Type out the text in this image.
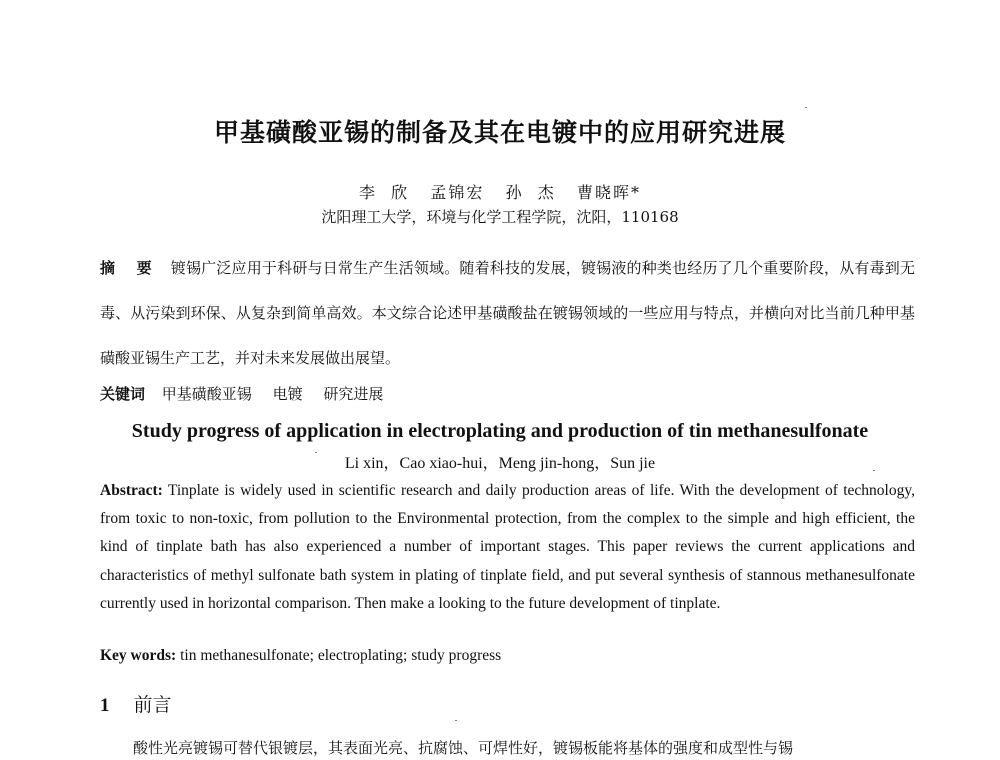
甲基磺酸亚锡的制备及其在电镀中的应用研究进展
李  欣   孟锦宏   孙  杰   曹晓晖*
沈阳理工大学，环境与化学工程学院，沈阳，110168

摘 要 镀锡广泛应用于科研与日常生产生活领域。随着科技的发展，镀锡液的种类也经历了几个重要阶段，从有毒到无毒、从污染到环保、从复杂到简单高效。本文综合论述甲基磺酸盐在镀锡领域的一些应用与特点，并横向对比当前几种甲基磺酸亚锡生产工艺，并对未来发展做出展望。

关键词 甲基磺酸亚锡 电镀 研究进展
Study progress of application in electroplating and production of tin methanesulfonate
Li xin，Cao xiao-hui，Meng jin-hong，Sun jie

Abstract: Tinplate is widely used in scientific research and daily production areas of life. With the development of technology, from toxic to non-toxic, from pollution to the Environmental protection, from the complex to the simple and high efficient, the kind of tinplate bath has also experienced a number of important stages. This paper reviews the current applications and characteristics of methyl sulfonate bath system in plating of tinplate field, and put several synthesis of stannous methanesulfonate currently used in horizontal comparison. Then make a looking to the future development of tinplate.

Key words: tin methanesulfonate; electroplating; study progress
1 前言
酸性光亮镀锡可替代银镀层，其表面光亮、抗腐蚀、可焊性好，镀锡板能将基体的强度和成型性与锡
